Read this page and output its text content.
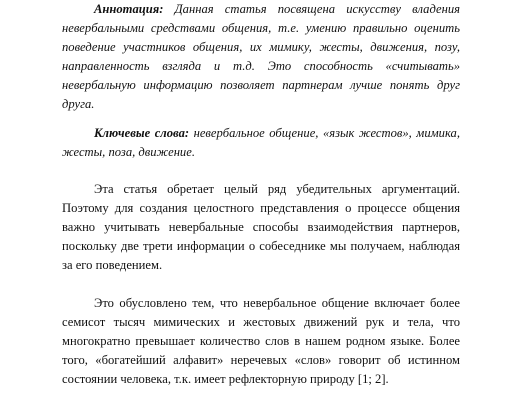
Аннотация: Данная статья посвящена искусству владения невербальными средствами общения, т.е. умению правильно оценить поведение участников общения, их мимику, жесты, движения, позу, направленность взгляда и т.д. Это способность «считывать» невербальную информацию позволяет партнерам лучше понять друг друга.
Ключевые слова: невербальное общение, «язык жестов», мимика, жесты, поза, движение.

Эта статья обретает целый ряд убедительных аргументаций. Поэтому для создания целостного представления о процессе общения важно учитывать невербальные способы взаимодействия партнеров, поскольку две трети информации о собеседнике мы получаем, наблюдая за его поведением.

Это обусловлено тем, что невербальное общение включает более семисот тысяч мимических и жестовых движений рук и тела, что многократно превышает количество слов в нашем родном языке. Более того, «богатейший алфавит» неречевых «слов» говорит об истинном состоянии человека, т.к. имеет рефлекторную природу [1; 2].
